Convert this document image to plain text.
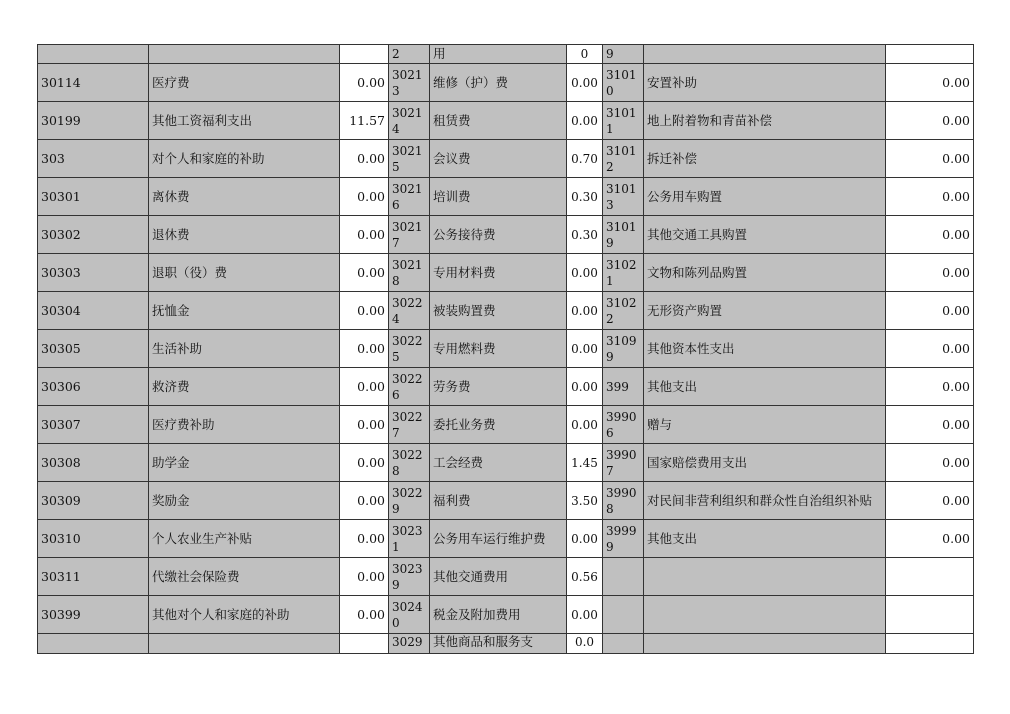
			2	用	0	9		
30114	医疗费	0.00	30213	维修（护）费	0.00	31010	安置补助	0.00
30199	其他工资福利支出	11.57	30214	租赁费	0.00	31011	地上附着物和青苗补偿	0.00
303	对个人和家庭的补助	0.00	30215	会议费	0.70	31012	拆迁补偿	0.00
30301	离休费	0.00	30216	培训费	0.30	31013	公务用车购置	0.00
30302	退休费	0.00	30217	公务接待费	0.30	31019	其他交通工具购置	0.00
30303	退职（役）费	0.00	30218	专用材料费	0.00	31021	文物和陈列品购置	0.00
30304	抚恤金	0.00	30224	被装购置费	0.00	31022	无形资产购置	0.00
30305	生活补助	0.00	30225	专用燃料费	0.00	31099	其他资本性支出	0.00
30306	救济费	0.00	30226	劳务费	0.00	399	其他支出	0.00
30307	医疗费补助	0.00	30227	委托业务费	0.00	39906	赠与	0.00
30308	助学金	0.00	30228	工会经费	1.45	39907	国家赔偿费用支出	0.00
30309	奖励金	0.00	30229	福利费	3.50	39908	对民间非营利组织和群众性自治组织补贴	0.00
30310	个人农业生产补贴	0.00	30231	公务用车运行维护费	0.00	39999	其他支出	0.00
30311	代缴社会保险费	0.00	30239	其他交通费用	0.56			
30399	其他对个人和家庭的补助	0.00	30240	税金及附加费用	0.00			
			3029	其他商品和服务支	0.0			
